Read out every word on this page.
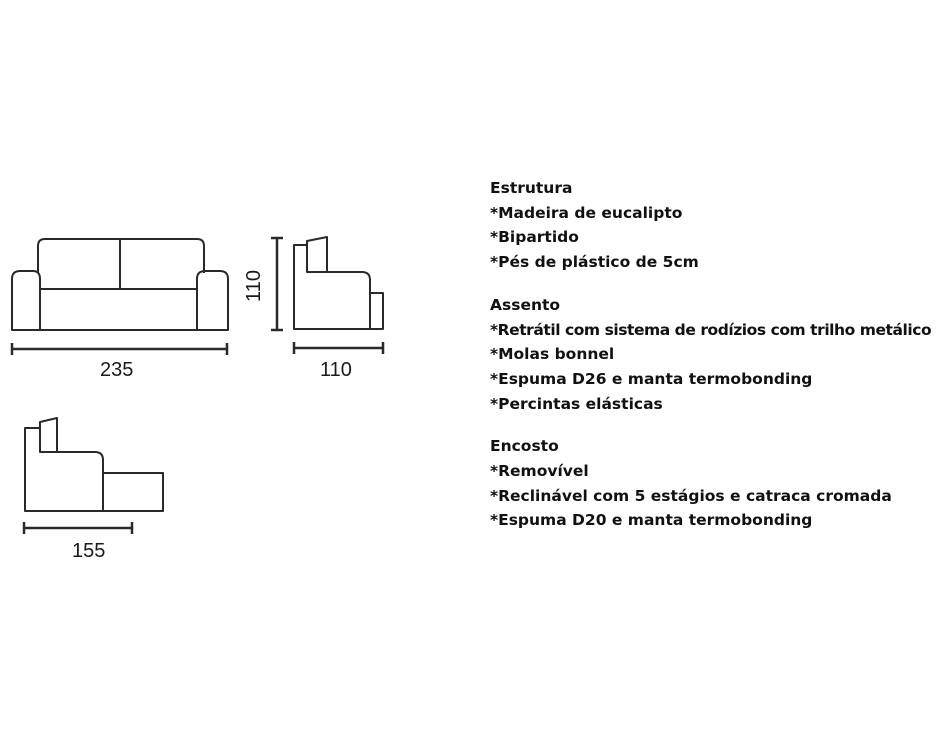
235
110
110
155
Estrutura
*Madeira de eucalipto
*Bipartido
*Pés de plástico de 5cm
Assento
*Retrátil com sistema de rodízios com trilho metálico
*Molas bonnel
*Espuma D26 e manta termobonding
*Percintas elásticas
Encosto
*Removível
*Reclinável com 5 estágios e catraca cromada
*Espuma D20 e manta termobonding
